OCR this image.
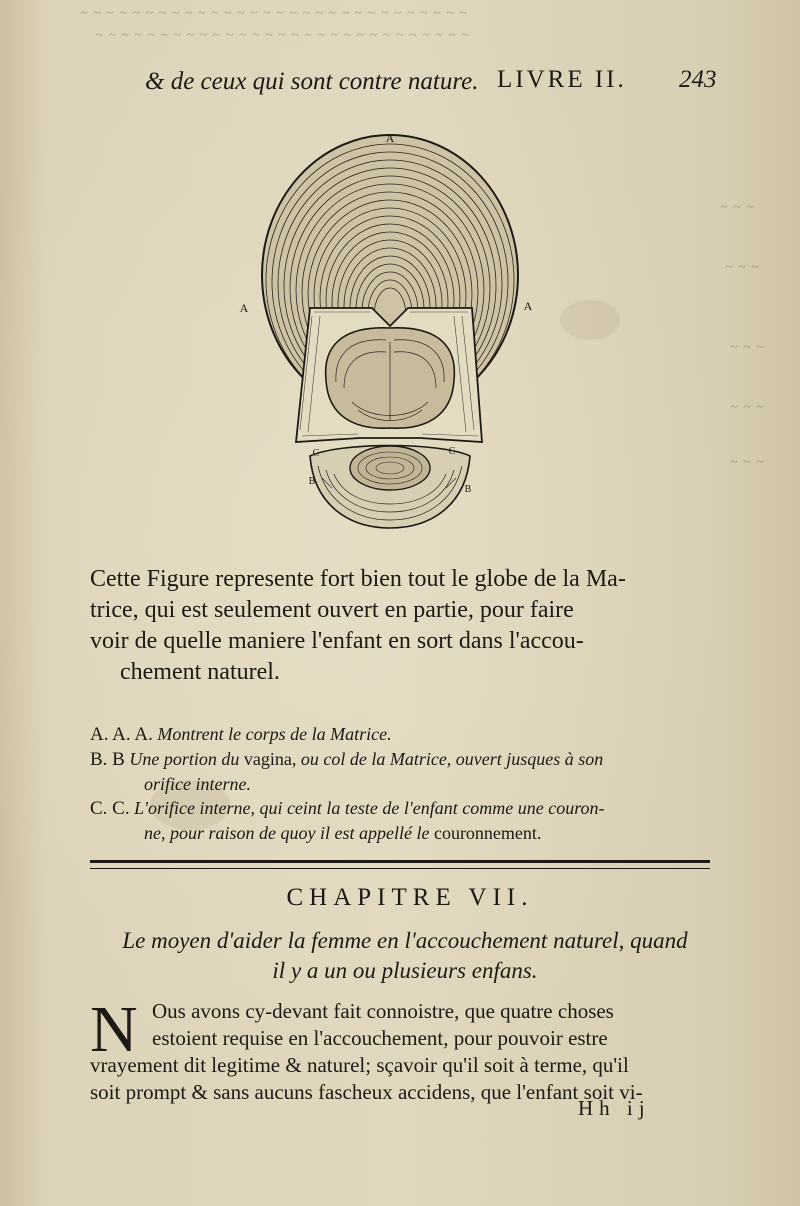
~ ~ ~ ~ ~ ~ ~ ~ ~ ~ ~ ~ ~ ~ ~ ~ ~ ~ ~ ~ ~ ~ ~ ~ ~ ~ ~ ~ ~ ~
~ ~ ~ ~ ~ ~ ~ ~ ~ ~ ~ ~ ~ ~ ~ ~ ~ ~ ~ ~ ~ ~ ~ ~ ~ ~ ~ ~ ~
~ ~ ~
~ ~ ~
~ ~ ~
~ ~ ~
~ ~ ~
& de ceux qui sont contre nature. LIVRE II. 243
A
A	A
C	C
B
B
Cette Figure represente fort bien tout le globe de la Ma-
trice, qui est seulement ouvert en partie, pour faire
voir de quelle maniere l'enfant en sort dans l'accou-
chement naturel.
A. A. A. Montrent le corps de la Matrice.
B. B Une portion du vagina, ou col de la Matrice, ouvert jusques à son
orifice interne.
C. C. L'orifice interne, qui ceint la teste de l'enfant comme une couron-
ne, pour raison de quoy il est appellé le couronnement.
CHAPITRE VII.
Le moyen d'aider la femme en l'accouchement naturel, quand
il y a un ou plusieurs enfans.
N Ous avons cy-devant fait connoistre, que quatre choses
estoient requise en l'accouchement, pour pouvoir estre
vrayement dit legitime & naturel; sçavoir qu'il soit à terme, qu'il
soit prompt & sans aucuns fascheux accidens, que l'enfant soit vi-
Hh ij
